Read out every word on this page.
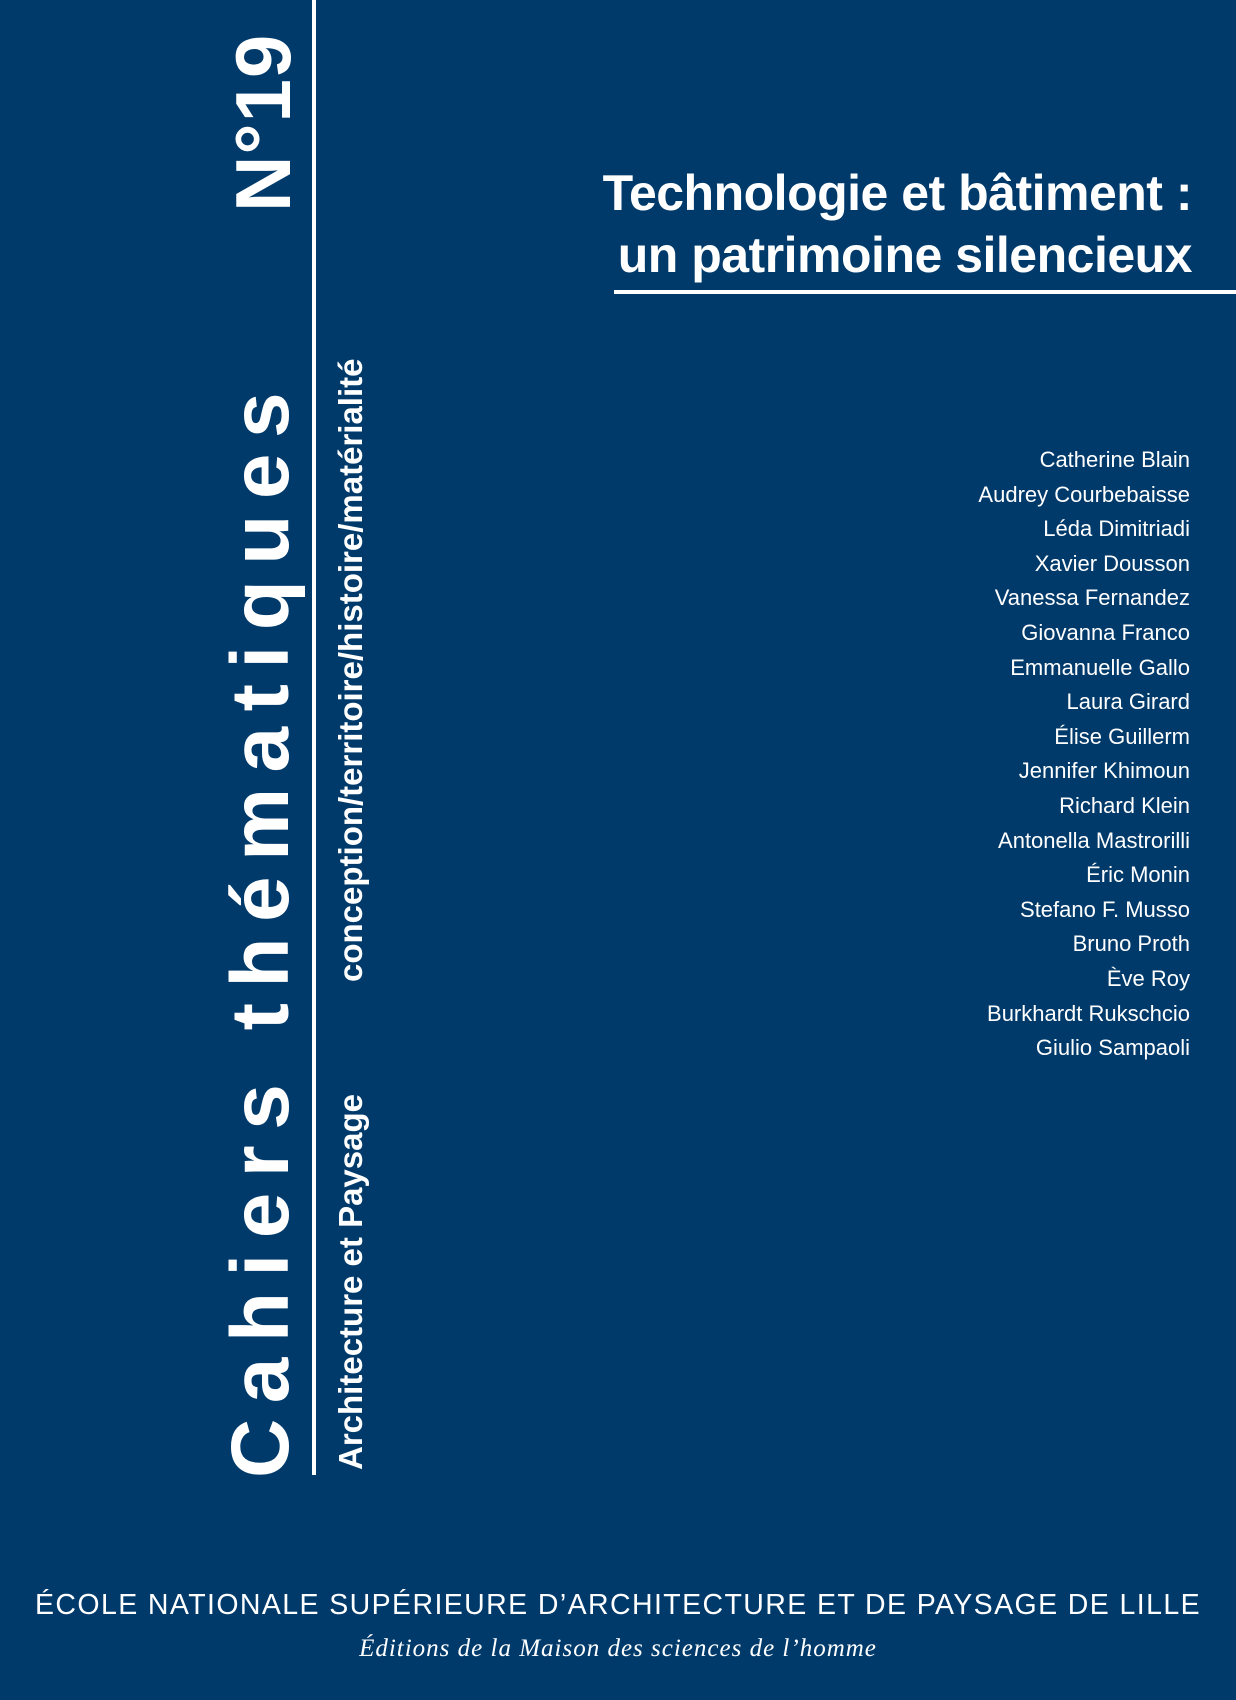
Cahiers thématiques
N°19
conception/territoire/histoire/matérialité
Architecture et Paysage
Technologie et bâtiment :
un patrimoine silencieux
Catherine Blain
Audrey Courbebaisse
Léda Dimitriadi
Xavier Dousson
Vanessa Fernandez
Giovanna Franco
Emmanuelle Gallo
Laura Girard
Élise Guillerm
Jennifer Khimoun
Richard Klein
Antonella Mastrorilli
Éric Monin
Stefano F. Musso
Bruno Proth
Ève Roy
Burkhardt Rukschcio
Giulio Sampaoli
ÉCOLE NATIONALE SUPÉRIEURE D’ARCHITECTURE ET DE PAYSAGE DE LILLE
Éditions de la Maison des sciences de l’homme
